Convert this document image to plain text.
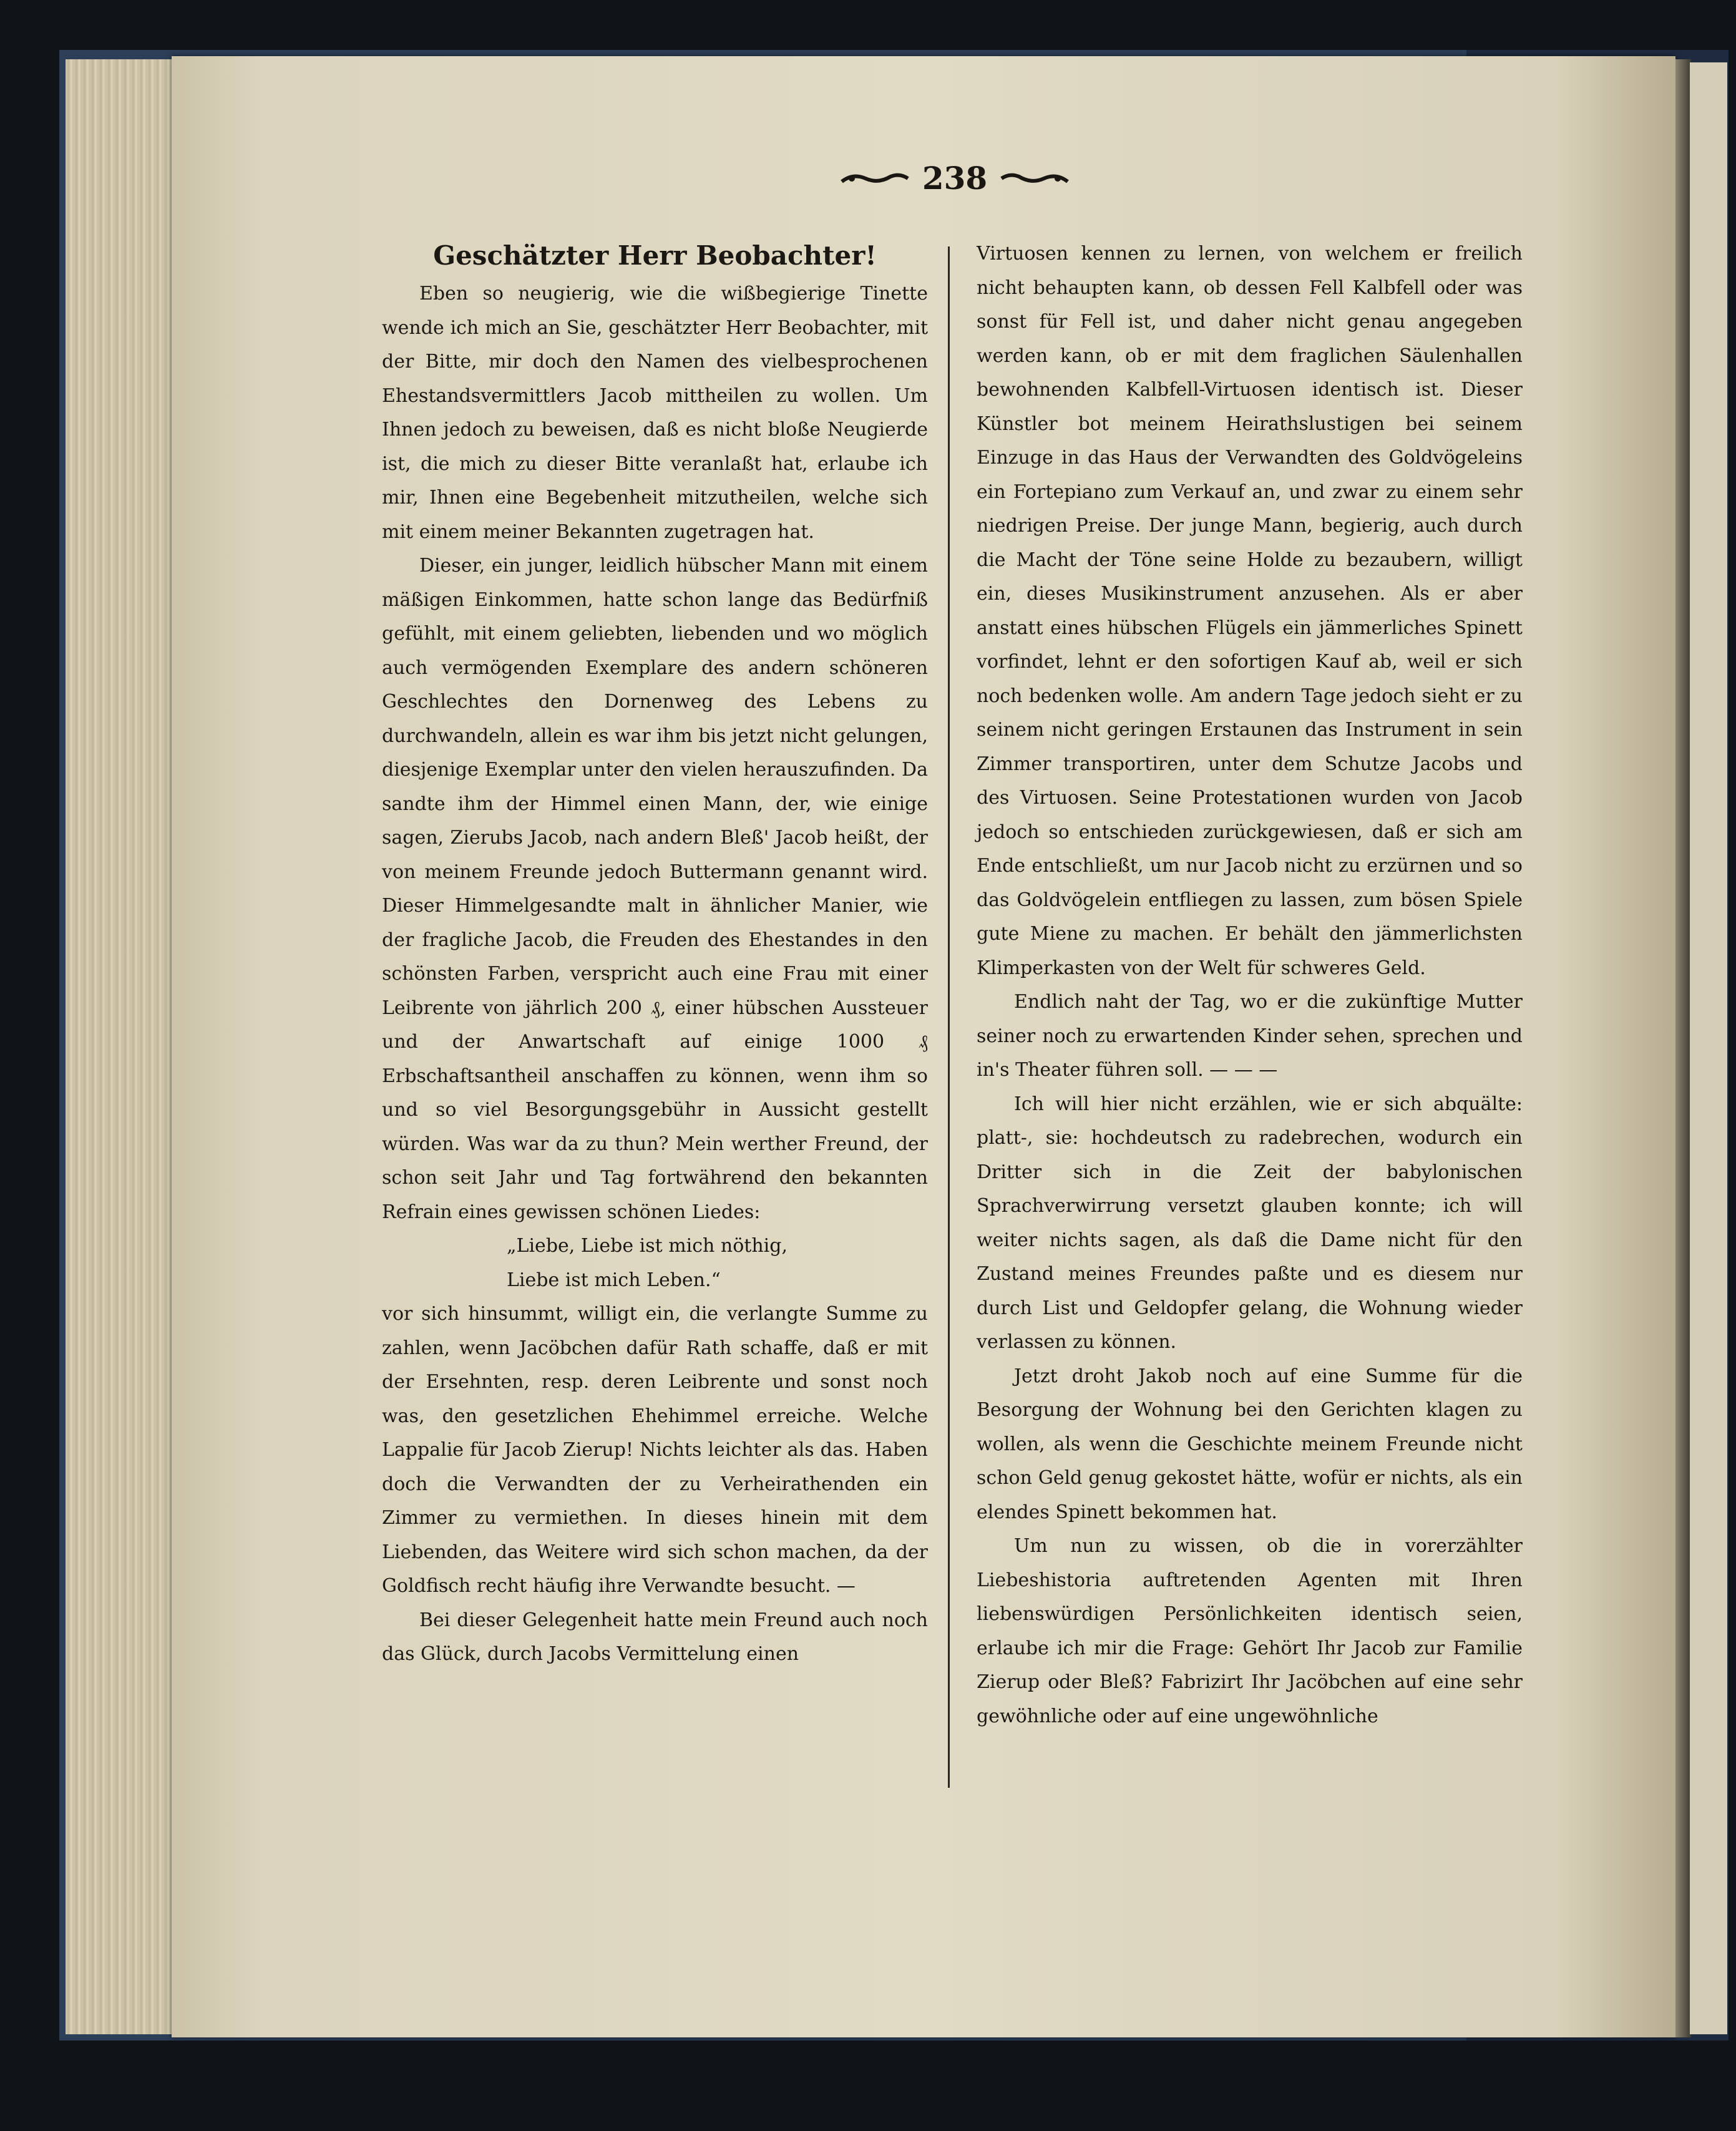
238
Geschätzter Herr Beobachter!

Eben so neugierig, wie die wißbegierige Tinette wende ich mich an Sie, geschätzter Herr Beobachter, mit der Bitte, mir doch den Namen des vielbesprochenen Ehestandsvermittlers Jacob mittheilen zu wollen. Um Ihnen jedoch zu beweisen, daß es nicht bloße Neugierde ist, die mich zu dieser Bitte veranlaßt hat, erlaube ich mir, Ihnen eine Begebenheit mitzutheilen, welche sich mit einem meiner Bekannten zugetragen hat.

Dieser, ein junger, leidlich hübscher Mann mit einem mäßigen Einkommen, hatte schon lange das Bedürfniß gefühlt, mit einem geliebten, liebenden und wo möglich auch vermögenden Exemplare des andern schöneren Geschlechtes den Dornenweg des Lebens zu durchwandeln, allein es war ihm bis jetzt nicht gelungen, diesjenige Exemplar unter den vielen herauszufinden. Da sandte ihm der Himmel einen Mann, der, wie einige sagen, Zierubs Jacob, nach andern Bleß' Jacob heißt, der von meinem Freunde jedoch Buttermann genannt wird. Dieser Himmelgesandte malt in ähnlicher Manier, wie der fragliche Jacob, die Freuden des Ehestandes in den schönsten Farben, verspricht auch eine Frau mit einer Leibrente von jährlich 200 ₰, einer hübschen Aussteuer und der Anwartschaft auf einige 1000 ₰ Erbschaftsantheil anschaffen zu können, wenn ihm so und so viel Besorgungsgebühr in Aussicht gestellt würden. Was war da zu thun? Mein werther Freund, der schon seit Jahr und Tag fortwährend den bekannten Refrain eines gewissen schönen Liedes:

„Liebe, Liebe ist mich nöthig,

Liebe ist mich Leben.“

vor sich hinsummt, willigt ein, die verlangte Summe zu zahlen, wenn Jacöbchen dafür Rath schaffe, daß er mit der Ersehnten, resp. deren Leibrente und sonst noch was, den gesetzlichen Ehehimmel erreiche. Welche Lappalie für Jacob Zierup! Nichts leichter als das. Haben doch die Verwandten der zu Verheirathenden ein Zimmer zu vermiethen. In dieses hinein mit dem Liebenden, das Weitere wird sich schon machen, da der Goldfisch recht häufig ihre Verwandte besucht. —

Bei dieser Gelegenheit hatte mein Freund auch noch das Glück, durch Jacobs Vermittelung einen

Virtuosen kennen zu lernen, von welchem er freilich nicht behaupten kann, ob dessen Fell Kalbfell oder was sonst für Fell ist, und daher nicht genau angegeben werden kann, ob er mit dem fraglichen Säulenhallen bewohnenden Kalbfell-Virtuosen identisch ist. Dieser Künstler bot meinem Heirathslustigen bei seinem Einzuge in das Haus der Verwandten des Goldvögeleins ein Fortepiano zum Verkauf an, und zwar zu einem sehr niedrigen Preise. Der junge Mann, begierig, auch durch die Macht der Töne seine Holde zu bezaubern, willigt ein, dieses Musikinstrument anzusehen. Als er aber anstatt eines hübschen Flügels ein jämmerliches Spinett vorfindet, lehnt er den sofortigen Kauf ab, weil er sich noch bedenken wolle. Am andern Tage jedoch sieht er zu seinem nicht geringen Erstaunen das Instrument in sein Zimmer transportiren, unter dem Schutze Jacobs und des Virtuosen. Seine Protestationen wurden von Jacob jedoch so entschieden zurückgewiesen, daß er sich am Ende entschließt, um nur Jacob nicht zu erzürnen und so das Goldvögelein entfliegen zu lassen, zum bösen Spiele gute Miene zu machen. Er behält den jämmerlichsten Klimperkasten von der Welt für schweres Geld.

Endlich naht der Tag, wo er die zukünftige Mutter seiner noch zu erwartenden Kinder sehen, sprechen und in's Theater führen soll. — — —

Ich will hier nicht erzählen, wie er sich abquälte: platt-, sie: hochdeutsch zu radebrechen, wodurch ein Dritter sich in die Zeit der babylonischen Sprachverwirrung versetzt glauben konnte; ich will weiter nichts sagen, als daß die Dame nicht für den Zustand meines Freundes paßte und es diesem nur durch List und Geldopfer gelang, die Wohnung wieder verlassen zu können.

Jetzt droht Jakob noch auf eine Summe für die Besorgung der Wohnung bei den Gerichten klagen zu wollen, als wenn die Geschichte meinem Freunde nicht schon Geld genug gekostet hätte, wofür er nichts, als ein elendes Spinett bekommen hat.

Um nun zu wissen, ob die in vorerzählter Liebeshistoria auftretenden Agenten mit Ihren liebenswürdigen Persönlichkeiten identisch seien, erlaube ich mir die Frage: Gehört Ihr Jacob zur Familie Zierup oder Bleß? Fabrizirt Ihr Jacöbchen auf eine sehr gewöhnliche oder auf eine ungewöhnliche
